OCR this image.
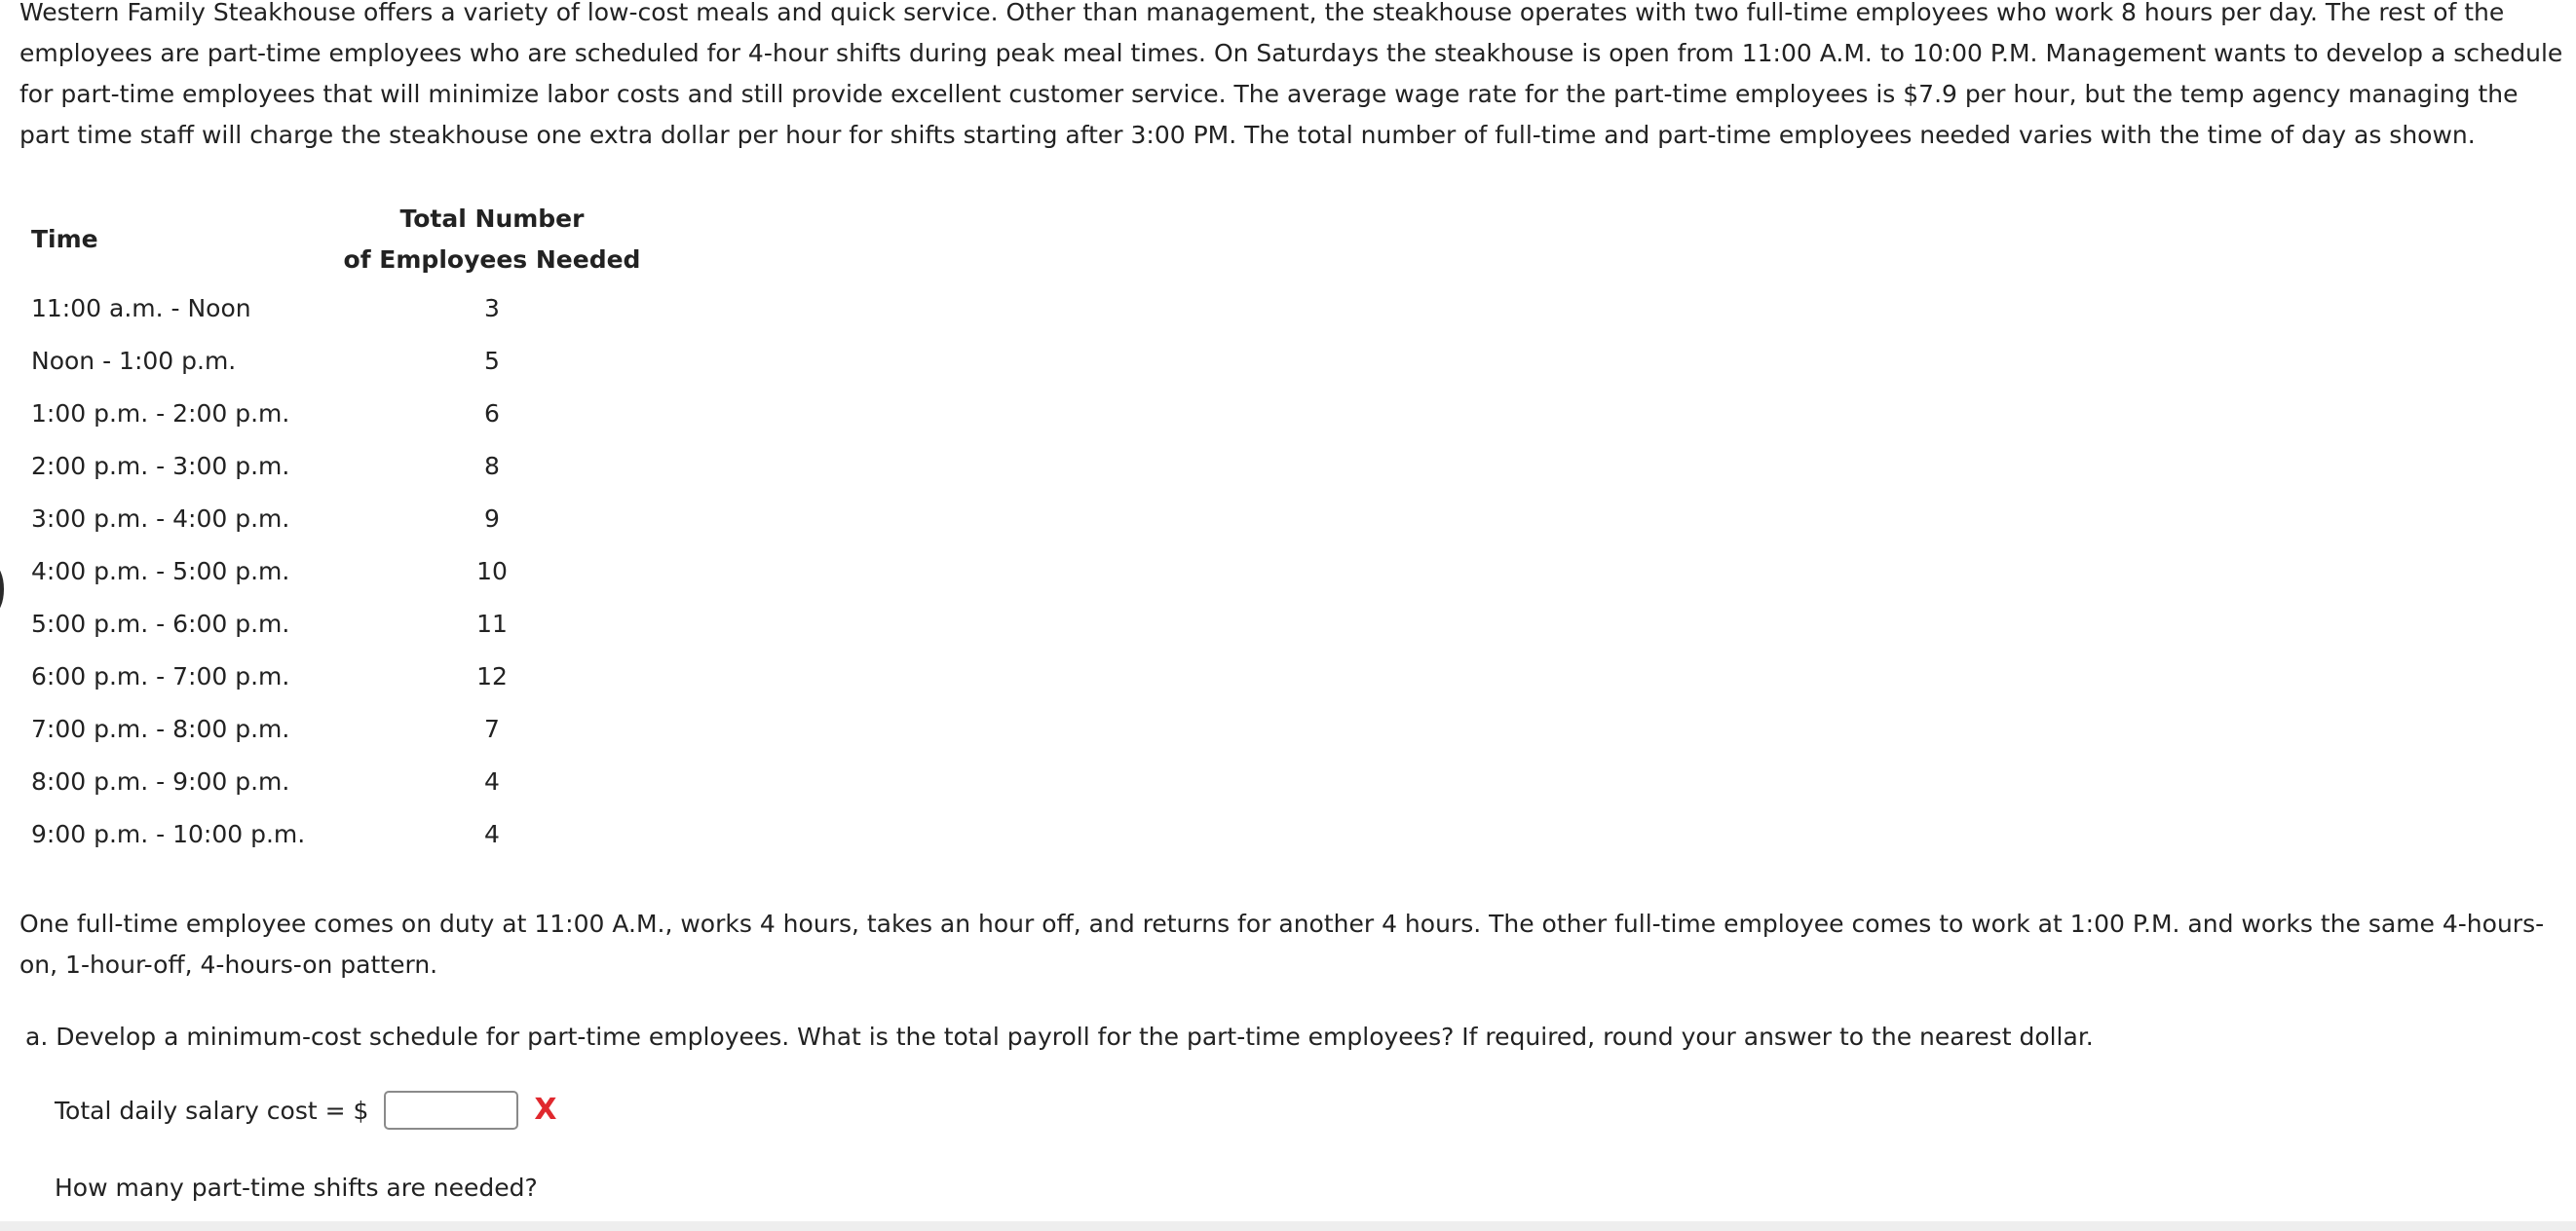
Western Family Steakhouse offers a variety of low-cost meals and quick service. Other than management, the steakhouse operates with two full-time employees who work 8 hours per day. The rest of the employees are part-time employees who are scheduled for 4-hour shifts during peak meal times. On Saturdays the steakhouse is open from 11:00 A.M. to 10:00 P.M. Management wants to develop a schedule for part-time employees that will minimize labor costs and still provide excellent customer service. The average wage rate for the part-time employees is $7.9 per hour, but the temp agency managing the part time staff will charge the steakhouse one extra dollar per hour for shifts starting after 3:00 PM. The total number of full-time and part-time employees needed varies with the time of day as shown.

Time	Total Number
of Employees Needed
11:00 a.m. - Noon	3
Noon - 1:00 p.m.	5
1:00 p.m. - 2:00 p.m.	6
2:00 p.m. - 3:00 p.m.	8
3:00 p.m. - 4:00 p.m.	9
4:00 p.m. - 5:00 p.m.	10
5:00 p.m. - 6:00 p.m.	11
6:00 p.m. - 7:00 p.m.	12
7:00 p.m. - 8:00 p.m.	7
8:00 p.m. - 9:00 p.m.	4
9:00 p.m. - 10:00 p.m.	4

One full-time employee comes on duty at 11:00 A.M., works 4 hours, takes an hour off, and returns for another 4 hours. The other full-time employee comes to work at 1:00 P.M. and works the same 4-hours-on, 1-hour-off, 4-hours-on pattern.

a. Develop a minimum-cost schedule for part-time employees. What is the total payroll for the part-time employees? If required, round your answer to the nearest dollar.

Total daily salary cost = $	X

How many part-time shifts are needed?
